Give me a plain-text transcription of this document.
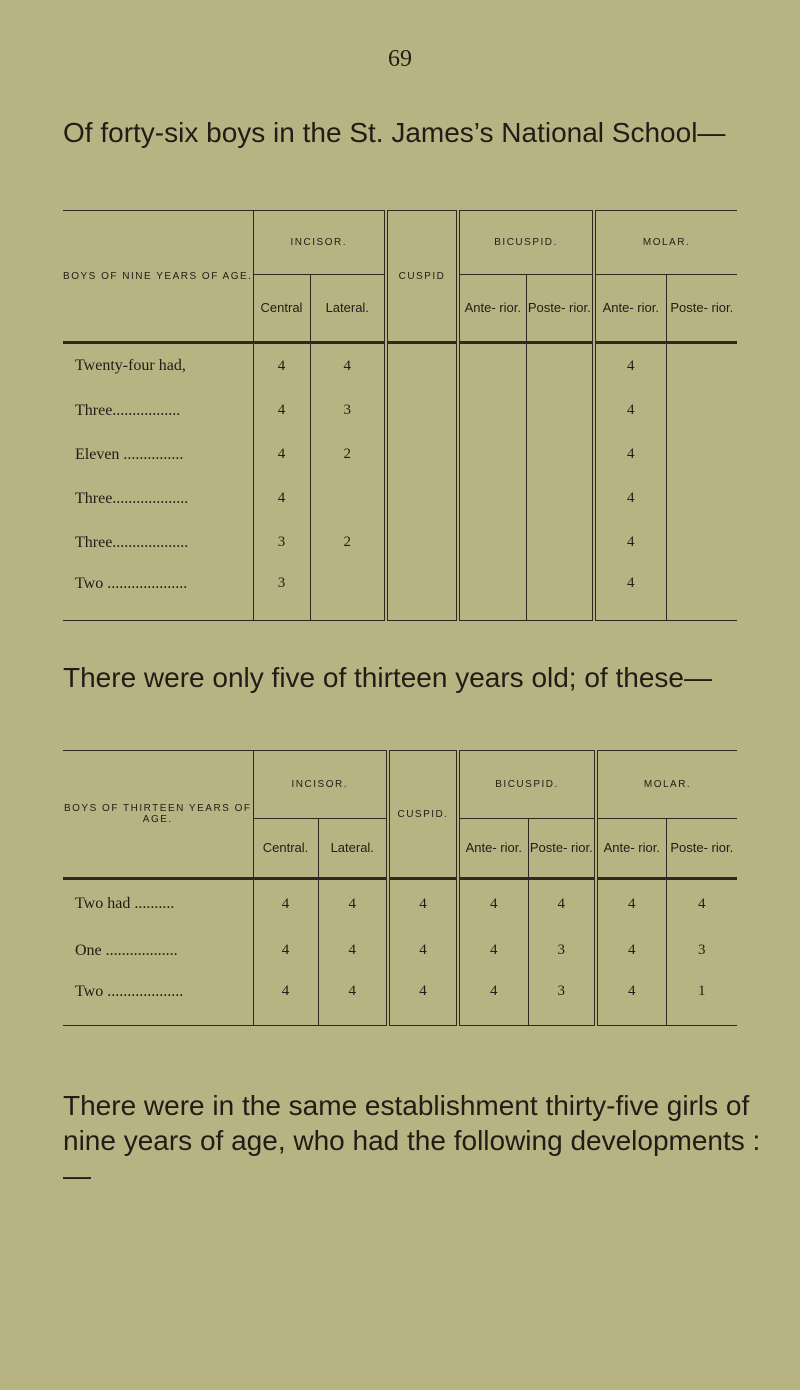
69

Of forty-six boys in the St. James’s National School—

BOYS OF NINE YEARS OF AGE.	INCISOR.		CUSPID	BICUSPID.		MOLAR.	
	Central	Lateral.		Ante- rior.	Poste- rior.	Ante- rior.	Poste- rior.
Twenty-four had,	4	4				4	
Three.................	4	3				4	
Eleven ...............	4	2				4	
Three...................	4					4	
Three...................	3	2				4	
Two ....................	3					4	

There were only five of thirteen years old; of these—

BOYS OF THIRTEEN YEARS OF AGE.	INCISOR.		CUSPID.	BICUSPID.		MOLAR.	
	Central.	Lateral.		Ante- rior.	Poste- rior.	Ante- rior.	Poste- rior.
Two had ..........	4	4	4	4	4	4	4
One ..................	4	4	4	4	3	4	3
Two ...................	4	4	4	4	3	4	1

There were in the same establishment thirty-five girls of nine years of age, who had the following developments :—
